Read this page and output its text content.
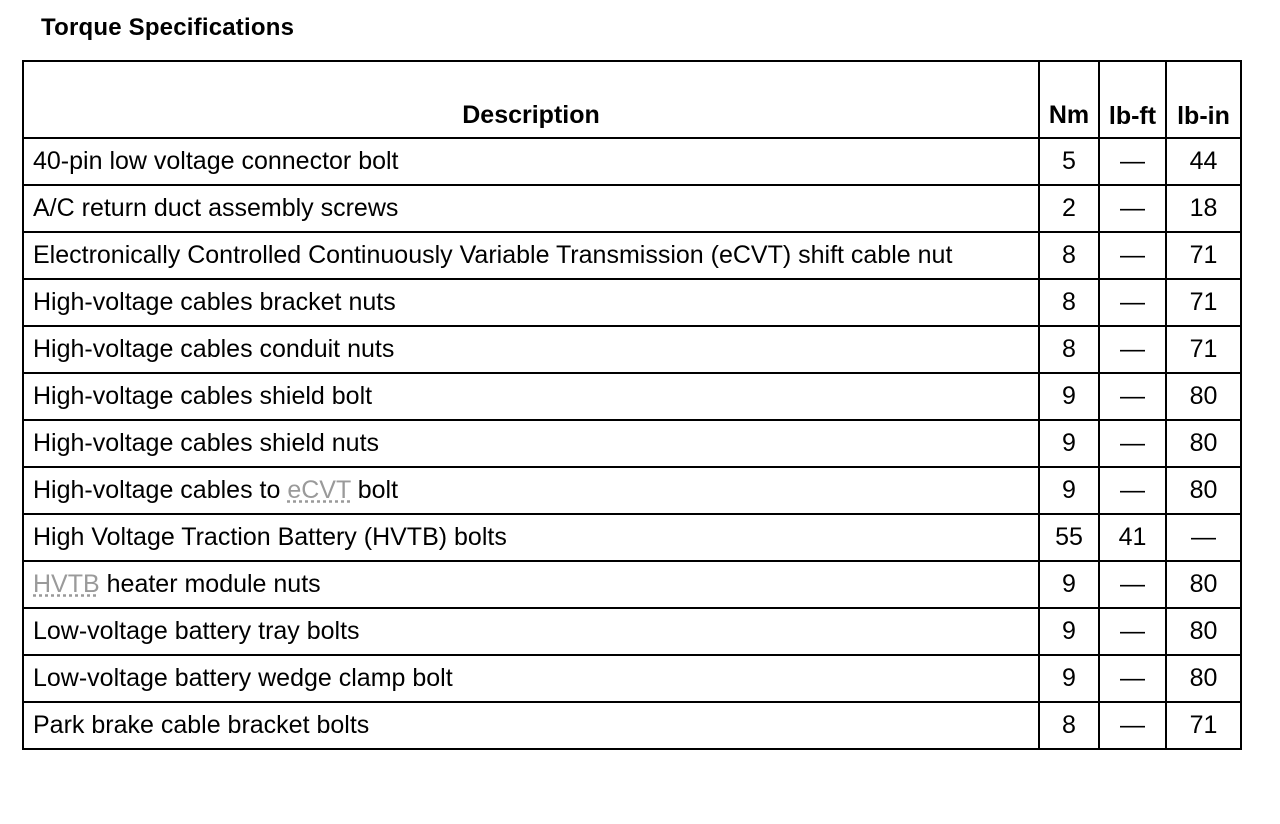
Torque Specifications
Description	Nm	lb-ft	lb-in
40-pin low voltage connector bolt	5	—	44
A/C return duct assembly screws	2	—	18
Electronically Controlled Continuously Variable Transmission (eCVT) shift cable nut	8	—	71
High-voltage cables bracket nuts	8	—	71
High-voltage cables conduit nuts	8	—	71
High-voltage cables shield bolt	9	—	80
High-voltage cables shield nuts	9	—	80
High-voltage cables to eCVT bolt	9	—	80
High Voltage Traction Battery (HVTB) bolts	55	41	—
HVTB heater module nuts	9	—	80
Low-voltage battery tray bolts	9	—	80
Low-voltage battery wedge clamp bolt	9	—	80
Park brake cable bracket bolts	8	—	71
